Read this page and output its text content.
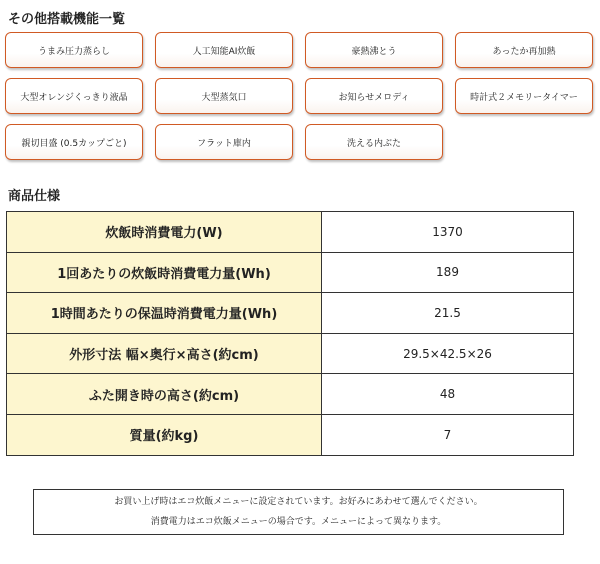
その他搭載機能一覧
うまみ圧力蒸らし	人工知能AI炊飯	豪熱沸とう	あったか再加熱
大型オレンジくっきり液晶	大型蒸気口	お知らせメロディ	時計式２メモリータイマー
親切目盛 (0.5カップごと)	フラット庫内	洗える内ぶた
商品仕様
炊飯時消費電力(W)	1370
1回あたりの炊飯時消費電力量(Wh)	189
1時間あたりの保温時消費電力量(Wh)	21.5
外形寸法 幅×奥行×高さ(約cm)	29.5×42.5×26
ふた開き時の高さ(約cm)	48
質量(約kg)	7
お買い上げ時はエコ炊飯メニューに設定されています。お好みにあわせて選んでください。
消費電力はエコ炊飯メニューの場合です。メニューによって異なります。
